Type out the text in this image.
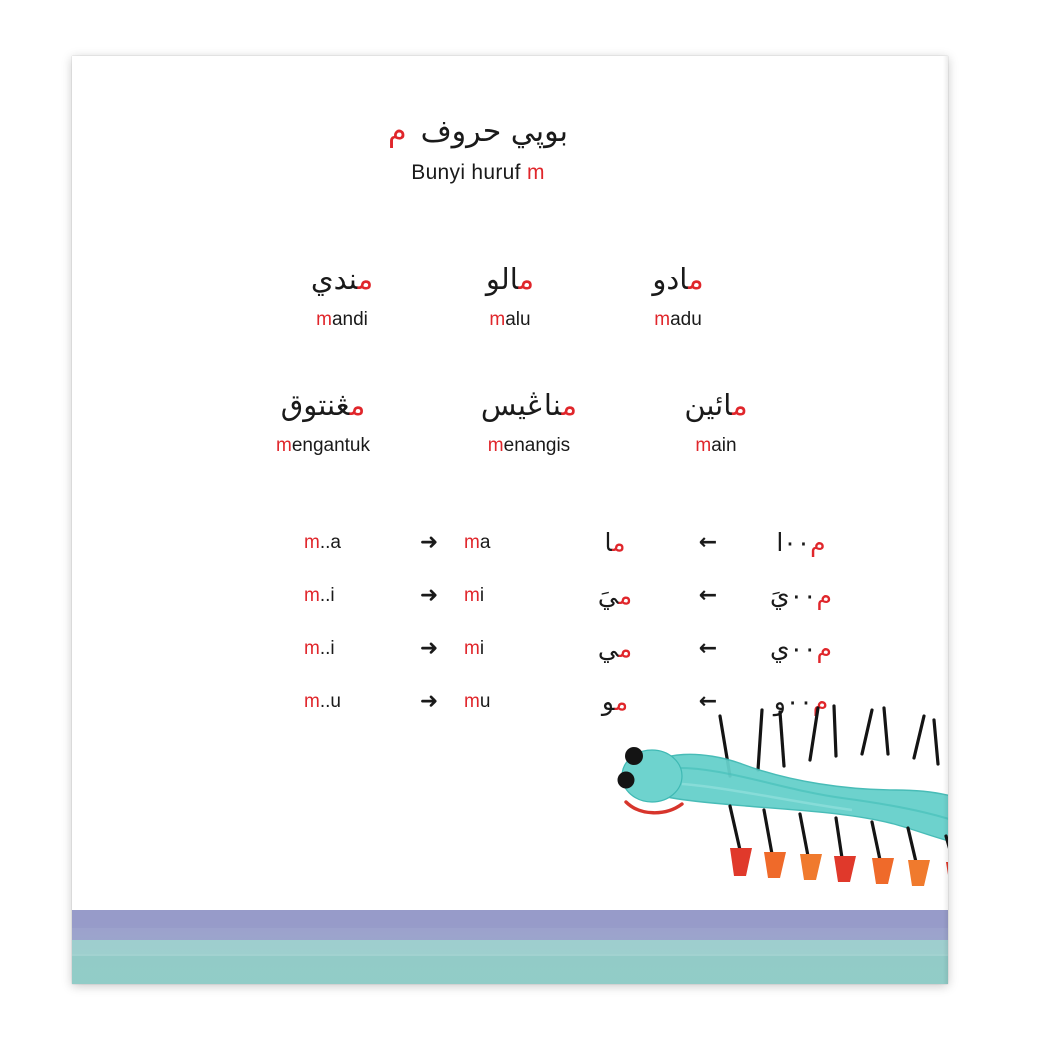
بوڽي حروفم
Bunyi huruf m
مندي
mandi
مالو
malu
مادو
madu
مڠنتوق
mengantuk
مناڠيس
menangis
مائين
main
m..a	➜	ma	ما	←	م٠٠ا
m..i	➜	mi	ميَ	←	م٠٠يَ
m..i	➜	mi	مي	←	م٠٠ي
m..u	➜	mu	مو	←	م٠٠و
